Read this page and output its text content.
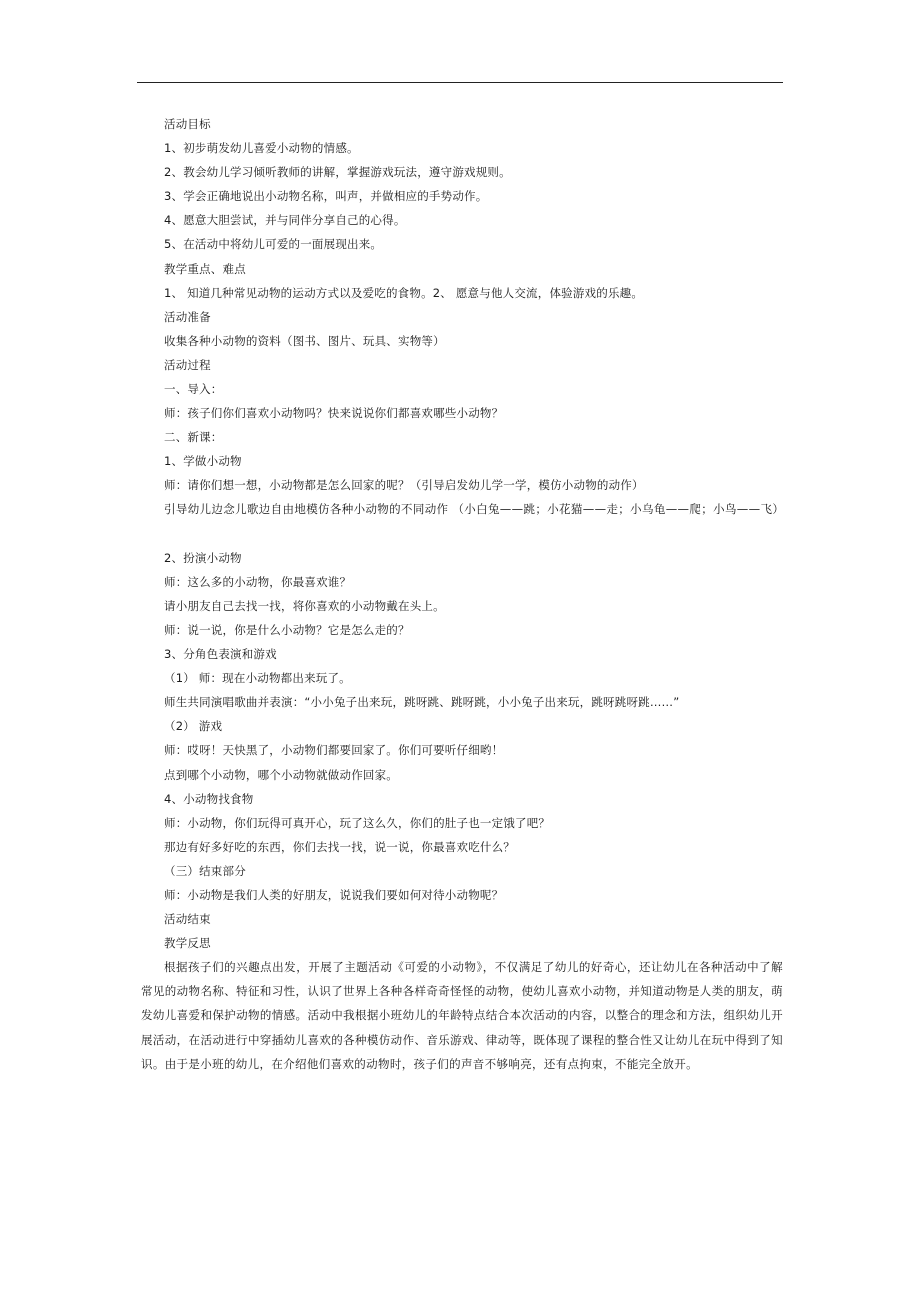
活动目标
1、初步萌发幼儿喜爱小动物的情感。
2、教会幼儿学习倾听教师的讲解，掌握游戏玩法，遵守游戏规则。
3、学会正确地说出小动物名称，叫声，并做相应的手势动作。
4、愿意大胆尝试，并与同伴分享自己的心得。
5、在活动中将幼儿可爱的一面展现出来。
教学重点、难点
1、 知道几种常见动物的运动方式以及爱吃的食物。2、 愿意与他人交流，体验游戏的乐趣。
活动准备
收集各种小动物的资料（图书、图片、玩具、实物等）
活动过程
一、导入：
师：孩子们你们喜欢小动物吗？快来说说你们都喜欢哪些小动物？
二、新课：
1、学做小动物
师：请你们想一想，小动物都是怎么回家的呢？（引导启发幼儿学一学，模仿小动物的动作）
引导幼儿边念儿歌边自由地模仿各种小动物的不同动作 （小白兔——跳；小花猫——走；小乌龟——爬；小鸟——飞）
2、扮演小动物
师：这么多的小动物，你最喜欢谁？
请小朋友自己去找一找，将你喜欢的小动物戴在头上。
师：说一说，你是什么小动物？它是怎么走的？
3、分角色表演和游戏
（1） 师：现在小动物都出来玩了。
师生共同演唱歌曲并表演：“小小兔子出来玩，跳呀跳、跳呀跳，小小兔子出来玩，跳呀跳呀跳……”
（2） 游戏
师：哎呀！天快黑了，小动物们都要回家了。你们可要听仔细哟！
点到哪个小动物，哪个小动物就做动作回家。
4、小动物找食物
师：小动物，你们玩得可真开心，玩了这么久，你们的肚子也一定饿了吧？
那边有好多好吃的东西，你们去找一找，说一说，你最喜欢吃什么？
（三）结束部分
师：小动物是我们人类的好朋友，说说我们要如何对待小动物呢？
活动结束
教学反思
根据孩子们的兴趣点出发，开展了主题活动《可爱的小动物》，不仅满足了幼儿的好奇心，还让幼儿在各种活动中了解常见的动物名称、特征和习性，认识了世界上各种各样奇奇怪怪的动物，使幼儿喜欢小动物，并知道动物是人类的朋友，萌发幼儿喜爱和保护动物的情感。活动中我根据小班幼儿的年龄特点结合本次活动的内容，以整合的理念和方法，组织幼儿开展活动，在活动进行中穿插幼儿喜欢的各种模仿动作、音乐游戏、律动等，既体现了课程的整合性又让幼儿在玩中得到了知识。由于是小班的幼儿，在介绍他们喜欢的动物时，孩子们的声音不够响亮，还有点拘束，不能完全放开。
